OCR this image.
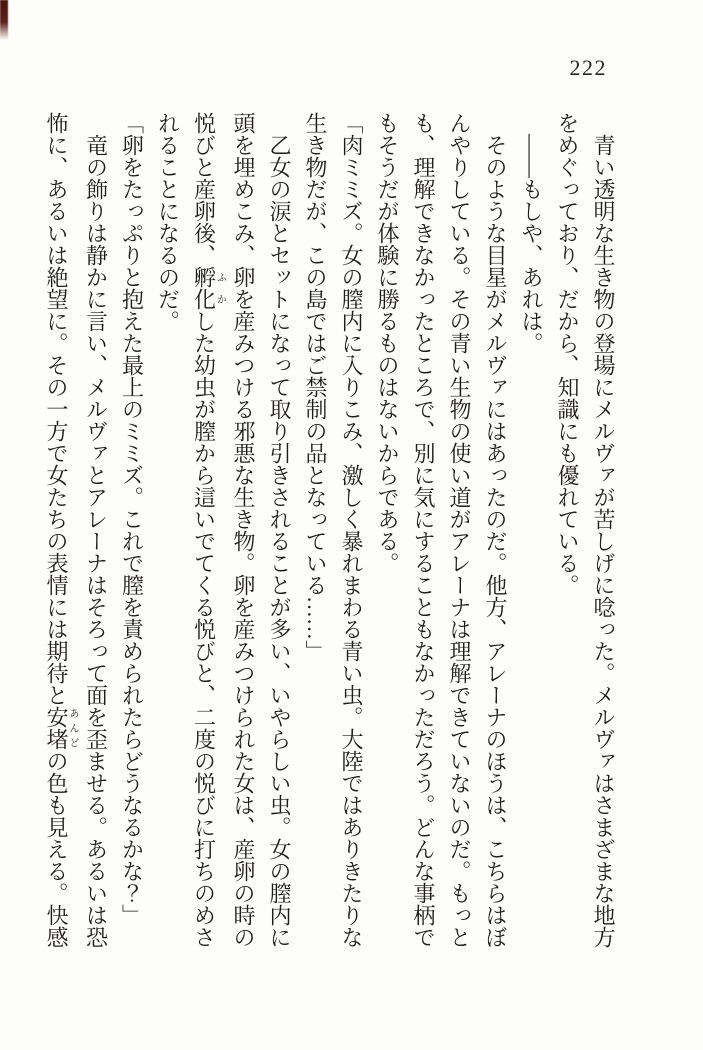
222
青い透明な生き物の登場にメルヴァが苦しげに唸った。メルヴァはさまざまな地方
をめぐっており、だから、知識にも優れている。
――もしや、あれは。
そのような目星がメルヴァにはあったのだ。他方、アレーナのほうは、こちらはぼ
んやりしている。その青い生物の使い道がアレーナは理解できていないのだ。もっと
も、理解できなかったところで、別に気にすることもなかっただろう。どんな事柄で
もそうだが体験に勝るものはないからである。
「肉ミミズ。女の膣内に入りこみ、激しく暴れまわる青い虫。大陸ではありきたりな
生き物だが、この島ではご禁制の品となっている……」
乙女の涙とセットになって取り引きされることが多い、いやらしい虫。女の膣内に
頭を埋めこみ、卵を産みつける邪悪な生き物。卵を産みつけられた女は、産卵の時の
悦びと産卵後、孵化ふかした幼虫が膣から這いでてくる悦びと、二度の悦びに打ちのめさ
れることになるのだ。
「卵をたっぷりと抱えた最上のミミズ。これで膣を責められたらどうなるかな？」
竜の飾りは静かに言い、メルヴァとアレーナはそろって面を歪ませる。あるいは恐
怖に、あるいは絶望に。その一方で女たちの表情には期待と安堵あんどの色も見える。快感
